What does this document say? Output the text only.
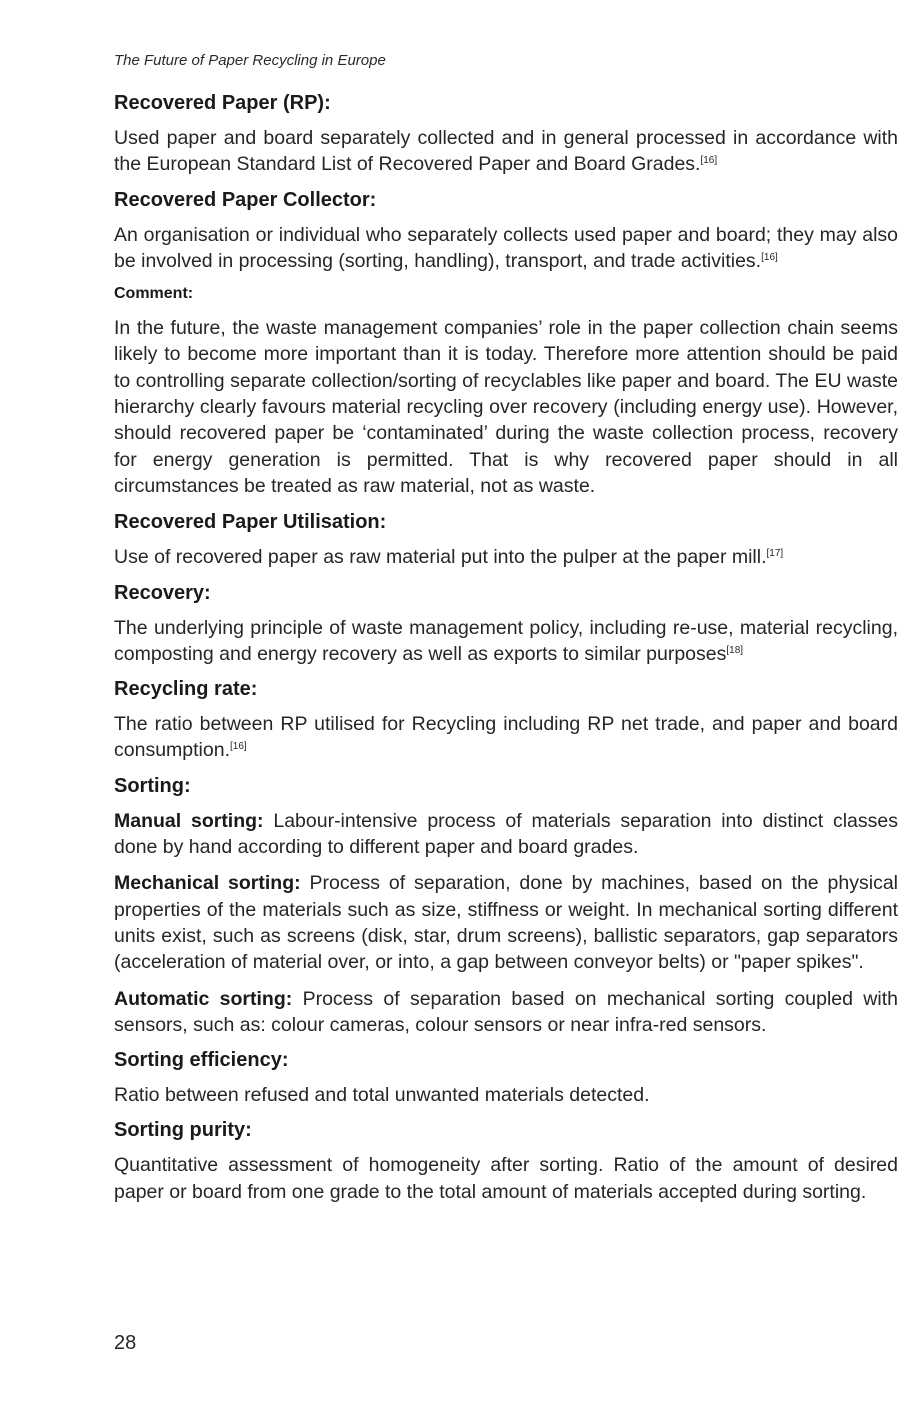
The Future of Paper Recycling in Europe
Recovered Paper (RP):

Used paper and board separately collected and in general processed in accordance with the European Standard List of Recovered Paper and Board Grades.[16]

Recovered Paper Collector:

An organisation or individual who separately collects used paper and board; they may also be involved in processing (sorting, handling), transport, and trade activities.[16]

Comment:

In the future, the waste management companies’ role in the paper collection chain seems likely to become more important than it is today. Therefore more attention should be paid to controlling separate collection/sorting of recyclables like paper and board. The EU waste hierarchy clearly favours material recycling over recovery (including energy use). However, should recovered paper be ‘contaminated’ during the waste collection process, recovery for energy generation is permitted. That is why recovered paper should in all circumstances be treated as raw material, not as waste.

Recovered Paper Utilisation:

Use of recovered paper as raw material put into the pulper at the paper mill.[17]

Recovery:

The underlying principle of waste management policy, including re-use, material recycling, composting and energy recovery as well as exports to similar purposes[18]

Recycling rate:

The ratio between RP utilised for Recycling including RP net trade, and paper and board consumption.[16]

Sorting:

Manual sorting: Labour-intensive process of materials separation into distinct classes done by hand according to different paper and board grades.

Mechanical sorting: Process of separation, done by machines, based on the physical properties of the materials such as size, stiffness or weight. In mechanical sorting different units exist, such as screens (disk, star, drum screens), ballistic separators, gap separators (acceleration of material over, or into, a gap between conveyor belts) or "paper spikes".

Automatic sorting: Process of separation based on mechanical sorting coupled with sensors, such as: colour cameras, colour sensors or near infra-red sensors.

Sorting efficiency:

Ratio between refused and total unwanted materials detected.

Sorting purity:

Quantitative assessment of homogeneity after sorting. Ratio of the amount of desired paper or board from one grade to the total amount of materials accepted during sorting.

28
